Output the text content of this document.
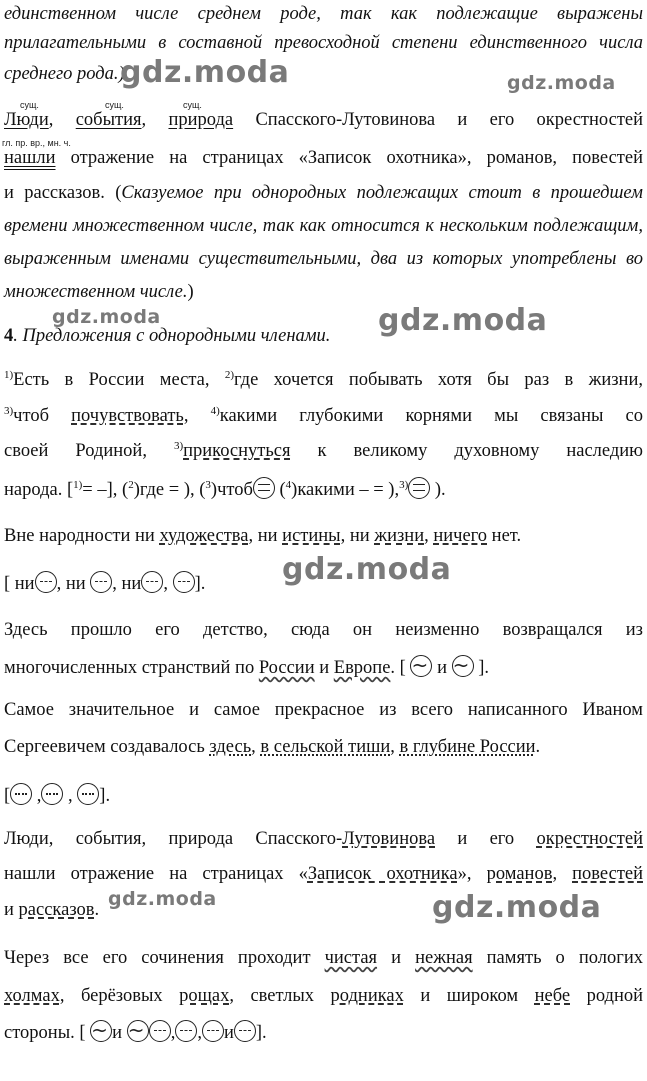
единственном числе среднем роде, так как подлежащие выражены
прилагательными в составной превосходной степени единственного числа
среднего рода.)
gdz.moda	gdz.moda
сущ.	сущ.	сущ.
гл. пр. вр., мн. ч.
Люди, события, природа Спасского-Лутовинова и его окрестностей
нашли отражение на страницах «Записок охотника», романов, повестей
и рассказов. (Сказуемое при однородных подлежащих стоит в прошедшем
времени множественном числе, так как относится к нескольким подлежащим,
выраженным именами существительными, два из которых употреблены во
множественном числе.)
gdz.moda	gdz.moda
4. Предложения с однородными членами.
$^{1)}$Есть в России места, $^{2)}$где хочется побывать хотя бы раз в жизни,
$^{3)}$чтоб почувствовать, $^{4)}$какими глубокими корнями мы связаны со
своей Родиной, $^{3)}$прикоснуться к великому духовному наследию
народа. [$^{1)}$= –], ($^2$)где = ), ($^3$)чтоб ($^4$)какими – = ),$^{3)}$ ).
Вне народности ни художества, ни истины, ни жизни, ничего нет.
[ ни , ни , ни , ].	gdz.moda
Здесь прошло его детство, сюда он неизменно возвращался из
многочисленных странствий по России и Европе. [  и  ].
Самое значительное и самое прекрасное из всего написанного Иваном
Сергеевичем создавалось здесь, в сельской тиши, в глубине России.
[ , , ].
Люди, события, природа Спасского-Лутовинова и его окрестностей
нашли отражение на страницах «Записок охотника», романов, повестей
и рассказов. gdz.moda	gdz.moda
Через все его сочинения проходит чистая и нежная память о пологих
холмах, берёзовых рощах, светлых родниках и широком небе родной
стороны. [ и , , и ].
